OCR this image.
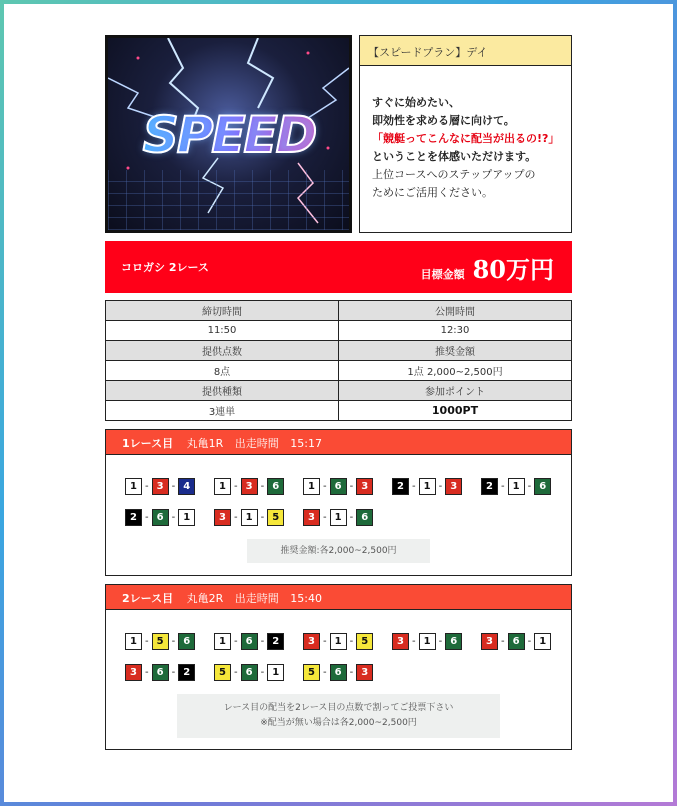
SPEED
【スピードプラン】デイ
すぐに始めたい、
即効性を求める層に向けて。
「競艇ってこんなに配当が出るの!?」
ということを体感いただけます。
上位コースへのステップアップの
ためにご活用ください。
コロガシ 2レース	目標金額 80万円
締切時間	公開時間
11:50	12:30
提供点数	推奨金額
8点	1点 2,000~2,500円
提供種類	参加ポイント
3連単	1000PT
1レース目 丸亀1R 出走時間 15:17
1 - 3 - 4	1 - 3 - 6	1 - 6 - 3	2 - 1 - 3	2 - 1 - 6
2 - 6 - 1	3 - 1 - 5	3 - 1 - 6
推奨金額:各2,000~2,500円
2レース目 丸亀2R 出走時間 15:40
1 - 5 - 6	1 - 6 - 2	3 - 1 - 5	3 - 1 - 6	3 - 6 - 1
3 - 6 - 2	5 - 6 - 1	5 - 6 - 3
レース目の配当を2レース目の点数で割ってご投票下さい
※配当が無い場合は各2,000~2,500円
